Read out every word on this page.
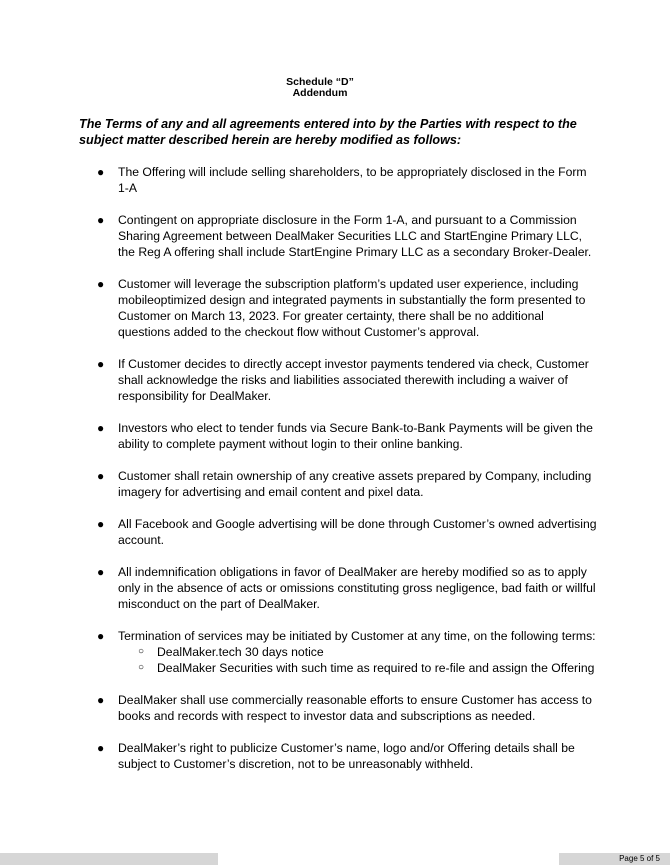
Schedule “D”
Addendum
The Terms of any and all agreements entered into by the Parties with respect to the subject matter described herein are hereby modified as follows:
● The Offering will include selling shareholders, to be appropriately disclosed in the Form 1-A
● Contingent on appropriate disclosure in the Form 1-A, and pursuant to a Commission Sharing Agreement between DealMaker Securities LLC and StartEngine Primary LLC, the Reg A offering shall include StartEngine Primary LLC as a secondary Broker-Dealer.
● Customer will leverage the subscription platform’s updated user experience, including mobileoptimized design and integrated payments in substantially the form presented to Customer on March 13, 2023. For greater certainty, there shall be no additional questions added to the checkout flow without Customer’s approval.
● If Customer decides to directly accept investor payments tendered via check, Customer shall acknowledge the risks and liabilities associated therewith including a waiver of responsibility for DealMaker.
● Investors who elect to tender funds via Secure Bank-to-Bank Payments will be given the ability to complete payment without login to their online banking.
● Customer shall retain ownership of any creative assets prepared by Company, including imagery for advertising and email content and pixel data.
● All Facebook and Google advertising will be done through Customer’s owned advertising account.
● All indemnification obligations in favor of DealMaker are hereby modified so as to apply only in the absence of acts or omissions constituting gross negligence, bad faith or willful misconduct on the part of DealMaker.
● Termination of services may be initiated by Customer at any time, on the following terms:
○ DealMaker.tech 30 days notice
○ DealMaker Securities with such time as required to re-file and assign the Offering
● DealMaker shall use commercially reasonable efforts to ensure Customer has access to books and records with respect to investor data and subscriptions as needed.
● DealMaker’s right to publicize Customer’s name, logo and/or Offering details shall be subject to Customer’s discretion, not to be unreasonably withheld.
Page 5 of 5
